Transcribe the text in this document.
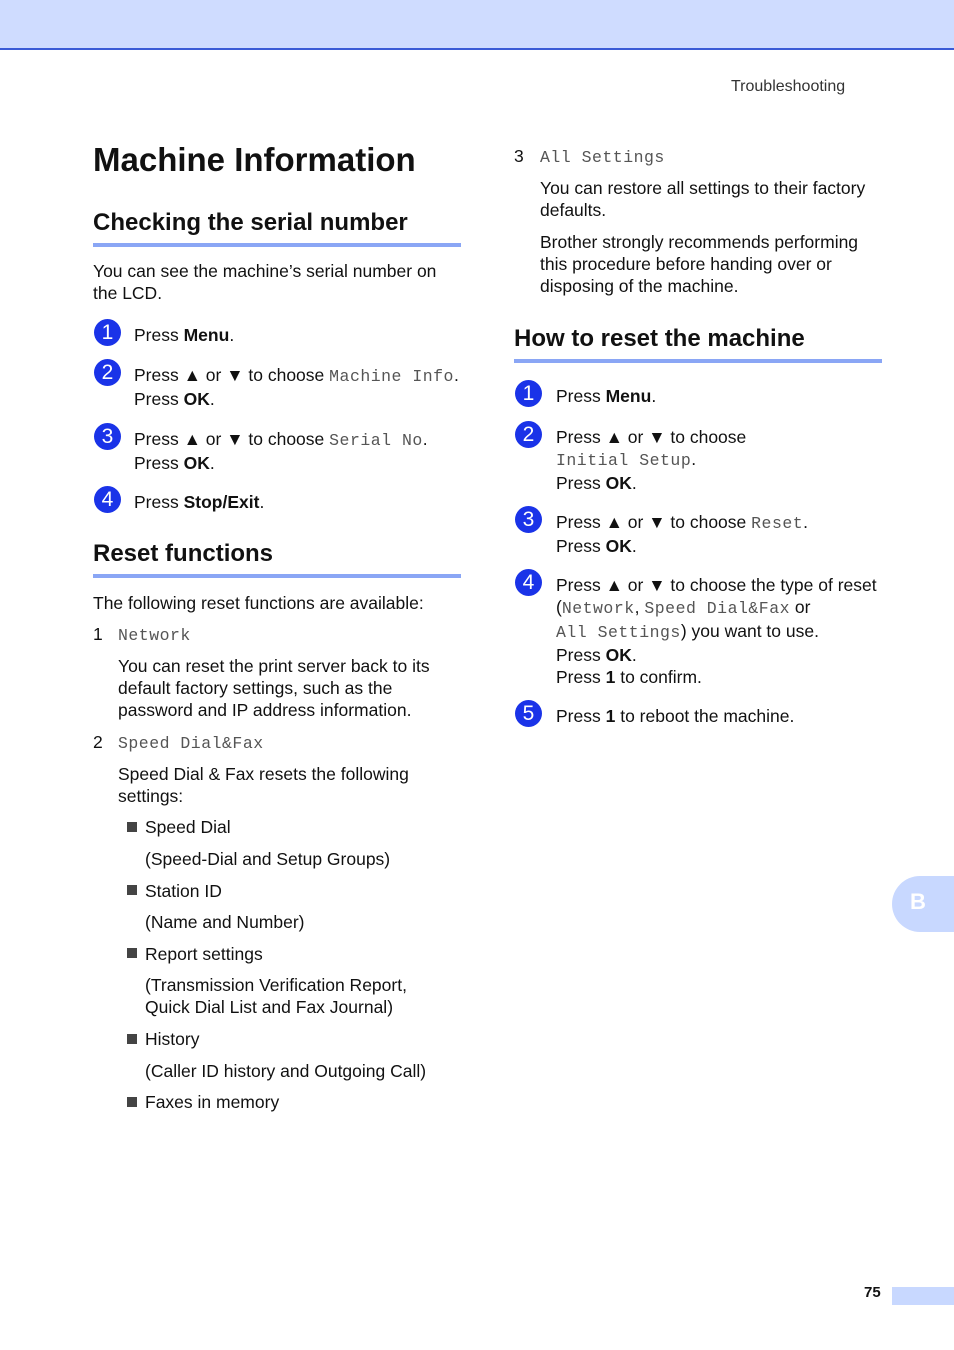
Troubleshooting
Machine Information
Checking the serial number
You can see the machine’s serial number on the LCD.
1	Press Menu.
2	Press ▲ or ▼ to choose Machine Info.
Press OK.
3	Press ▲ or ▼ to choose Serial No.
Press OK.
4	Press Stop/Exit.
Reset functions
The following reset functions are available:
1 Network
You can reset the print server back to its default factory settings, such as the password and IP address information.
2 Speed Dial&Fax
Speed Dial & Fax resets the following settings:
Speed Dial
(Speed-Dial and Setup Groups)
Station ID
(Name and Number)
Report settings
(Transmission Verification Report, Quick Dial List and Fax Journal)
History
(Caller ID history and Outgoing Call)
Faxes in memory
3 All Settings
You can restore all settings to their factory defaults.
Brother strongly recommends performing this procedure before handing over or disposing of the machine.
How to reset the machine
1	Press Menu.
2	Press ▲ or ▼ to choose
Initial Setup.
Press OK.
3	Press ▲ or ▼ to choose Reset.
Press OK.
4	Press ▲ or ▼ to choose the type of reset
(Network, Speed Dial&Fax or
All Settings) you want to use.
Press OK.
Press 1 to confirm.
5	Press 1 to reboot the machine.
B
75
